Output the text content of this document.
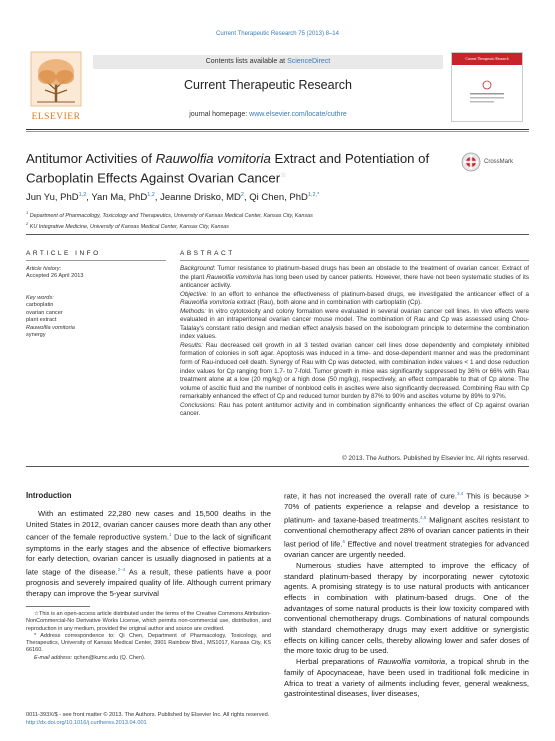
Current Therapeutic Research 75 (2013) 8–14
ELSEVIER
Contents lists available at ScienceDirect
Current Therapeutic Research
journal homepage: www.elsevier.com/locate/cuthre
Current Therapeutic Research
Antitumor Activities of Rauwolfia vomitoria Extract and Potentiation of Carboplatin Effects Against Ovarian Cancer☆
CrossMark
Jun Yu, PhD$^{1,2}$, Yan Ma, PhD$^{1,2}$, Jeanne Drisko, $MD^2$, Qi Chen, PhD$^{1,2,*}$
$^1$ Department of Pharmacology, Toxicology and Therapeutics, University of Kansas Medical Center, Kansas City, Kansas
$^2$ KU Integrative Medicine, University of Kansas Medical Center, Kansas City, Kansas
ARTICLE INFO
Article history:
Accepted 26 April 2013
Key words:
carboplatin
ovarian cancer
plant extract
Rauwolfia vomitoria
synergy
ABSTRACT
Background: Tumor resistance to platinum-based drugs has been an obstacle to the treatment of ovarian cancer. Extract of the plant Rauwolfia vomitoria has long been used by cancer patients. However, there have not been systematic studies of its anticancer activity.
Objective: In an effort to enhance the effectiveness of platinum-based drugs, we investigated the anticancer effect of a Rauwolfia vomitoria extract (Rau), both alone and in combination with carboplatin (Cp).
Methods: In vitro cytotoxicity and colony formation were evaluated in several ovarian cancer cell lines. In vivo effects were evaluated in an intraperitoneal ovarian cancer mouse model. The combination of Rau and Cp was assessed using Chou-Talalay's constant ratio design and median effect analysis based on the isobologram principle to determine the combination index values.
Results: Rau decreased cell growth in all 3 tested ovarian cancer cell lines dose dependently and completely inhibited formation of colonies in soft agar. Apoptosis was induced in a time- and dose-dependent manner and was the predominant form of Rau-induced cell death. Synergy of Rau with Cp was detected, with combination index values < 1 and dose reduction index values for Cp ranging from 1.7- to 7-fold. Tumor growth in mice was significantly suppressed by 36% or 66% with Rau treatment alone at a low (20 mg/kg) or a high dose (50 mg/kg), respectively, an effect comparable to that of Cp alone. The volume of ascitic fluid and the number of nonblood cells in ascites were also significantly decreased. Combining Rau with Cp remarkably enhanced the effect of Cp and reduced tumor burden by 87% to 90% and ascites volume by 89% to 97%.
Conclusions: Rau has potent antitumor activity and in combination significantly enhances the effect of Cp against ovarian cancer.
© 2013. The Authors. Published by Elsevier Inc. All rights reserved.
Introduction

With an estimated 22,280 new cases and 15,500 deaths in the United States in 2012, ovarian cancer causes more death than any other cancer of the female reproductive system.$^1$ Due to the lack of significant symptoms in the early stages and the absence of effective biomarkers for early detection, ovarian cancer is usually diagnosed in patients at a late stage of the disease.$^{2-4}$ As a result, these patients have a poor prognosis and severely impaired quality of life. Although current primary therapy can improve the 5-year survival

rate, it has not increased the overall rate of cure.$^{3,4}$ This is because > 70% of patients experience a relapse and develop a resistance to platinum- and taxane-based treatments.$^{4,5}$ Malignant ascites resistant to conventional chemotherapy affect 28% of ovarian cancer patients in their last period of life.$^6$ Effective and novel treatment strategies for advanced ovarian cancer are urgently needed.

Numerous studies have attempted to improve the efficacy of standard platinum-based therapy by incorporating newer cytotoxic agents. A promising strategy is to use natural products with anticancer effects in combination with platinum-based drugs. One of the advantages of some natural products is their low toxicity compared with conventional chemotherapy drugs. Combinations of natural compounds with standard chemotherapy drugs may exert additive or synergistic effects on killing cancer cells, thereby allowing lower and safer doses of the more toxic drug to be used.

Herbal preparations of Rauwolfia vomitoria, a tropical shrub in the family of Apocynaceae, have been used in traditional folk medicine in Africa to treat a variety of ailments including fever, general weakness, gastrointestinal diseases, liver diseases,

☆This is an open-access article distributed under the terms of the Creative Commons Attribution-NonCommercial-No Derivative Works License, which permits non-commercial use, distribution, and reproduction in any medium, provided the original author and source are credited.

* Address correspondence to: Qi Chen, Department of Pharmacology, Toxicology, and Therapeutics, University of Kansas Medical Center, 3901 Rainbow Blvd., MS1017, Kansas City, KS 66160.

E-mail address: qchen@kumc.edu (Q. Chen).

0011-393X/$ - see front matter © 2013. The Authors. Published by Elsevier Inc. All rights reserved.
http://dx.doi.org/10.1016/j.curtheres.2013.04.001
